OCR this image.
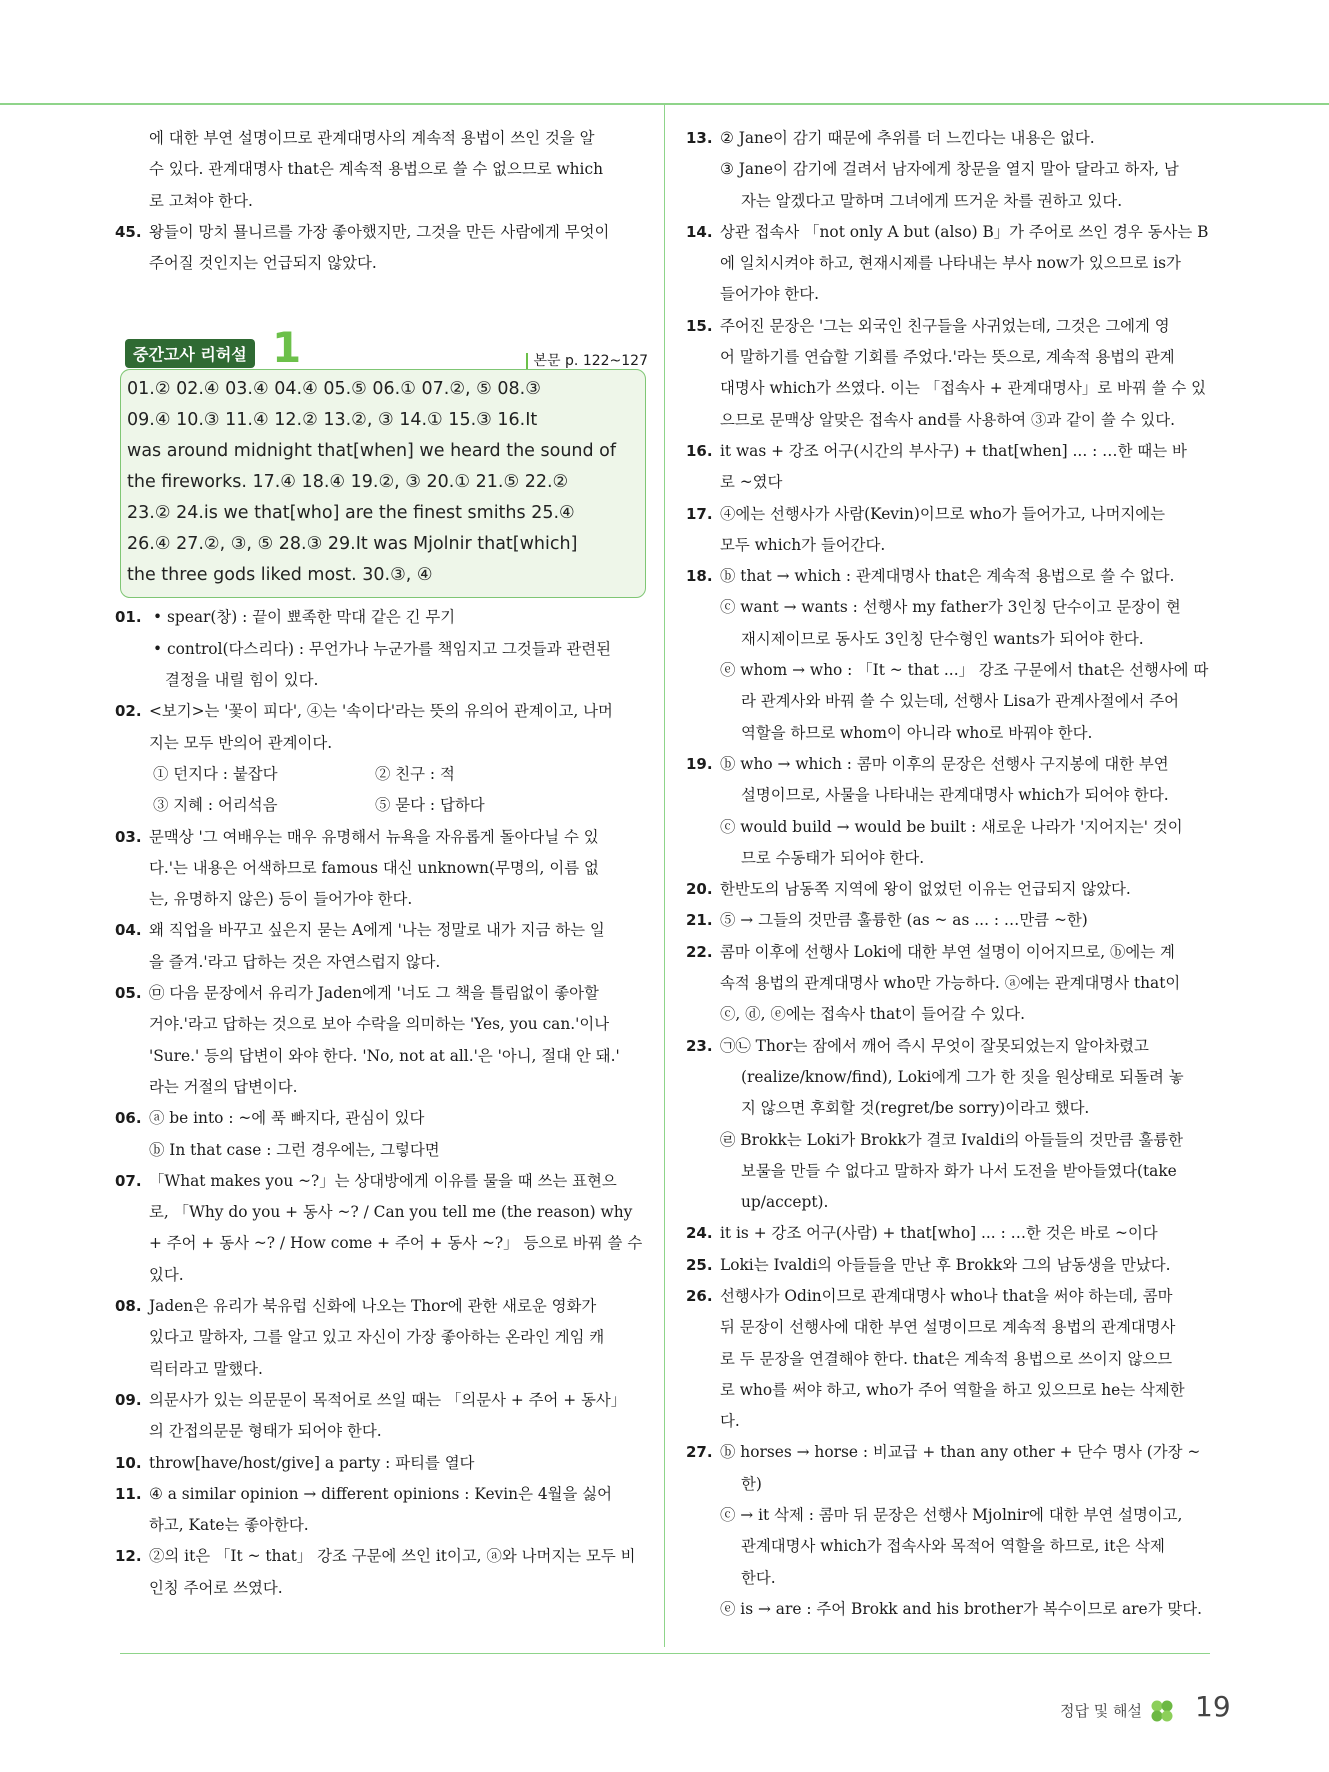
에 대한 부연 설명이므로 관계대명사의 계속적 용법이 쓰인 것을 알
수 있다. 관계대명사 that은 계속적 용법으로 쓸 수 없으므로 which
로 고쳐야 한다.
45. 왕들이 망치 묠니르를 가장 좋아했지만, 그것을 만든 사람에게 무엇이
주어질 것인지는 언급되지 않았다.
중간고사 리허설 1	본문 p. 122~127
01.② 02.④ 03.④ 04.④ 05.⑤ 06.① 07.②, ⑤ 08.③
09.④ 10.③ 11.④ 12.② 13.②, ③ 14.① 15.③ 16.It
was around midnight that[when] we heard the sound of
the fireworks. 17.④ 18.④ 19.②, ③ 20.① 21.⑤ 22.②
23.② 24.is we that[who] are the finest smiths 25.④
26.④ 27.②, ③, ⑤ 28.③ 29.It was Mjolnir that[which]
the three gods liked most. 30.③, ④
01. • spear(창) : 끝이 뾰족한 막대 같은 긴 무기
• control(다스리다) : 무언가나 누군가를 책임지고 그것들과 관련된
결정을 내릴 힘이 있다.
02. <보기>는 '꽃이 피다', ④는 '속이다'라는 뜻의 유의어 관계이고, 나머
지는 모두 반의어 관계이다.
① 던지다 : 붙잡다	② 친구 : 적
③ 지혜 : 어리석음	⑤ 묻다 : 답하다
03. 문맥상 '그 여배우는 매우 유명해서 뉴욕을 자유롭게 돌아다닐 수 있
다.'는 내용은 어색하므로 famous 대신 unknown(무명의, 이름 없
는, 유명하지 않은) 등이 들어가야 한다.
04. 왜 직업을 바꾸고 싶은지 묻는 A에게 '나는 정말로 내가 지금 하는 일
을 즐겨.'라고 답하는 것은 자연스럽지 않다.
05. ㉤ 다음 문장에서 유리가 Jaden에게 '너도 그 책을 틀림없이 좋아할
거야.'라고 답하는 것으로 보아 수락을 의미하는 'Yes, you can.'이나
'Sure.' 등의 답변이 와야 한다. 'No, not at all.'은 '아니, 절대 안 돼.'
라는 거절의 답변이다.
06. ⓐ be into : ~에 푹 빠지다, 관심이 있다
ⓑ In that case : 그런 경우에는, 그렇다면
07. 「What makes you ~?」는 상대방에게 이유를 물을 때 쓰는 표현으
로, 「Why do you + 동사 ~? / Can you tell me (the reason) why
+ 주어 + 동사 ~? / How come + 주어 + 동사 ~?」 등으로 바꿔 쓸 수
있다.
08. Jaden은 유리가 북유럽 신화에 나오는 Thor에 관한 새로운 영화가
있다고 말하자, 그를 알고 있고 자신이 가장 좋아하는 온라인 게임 캐
릭터라고 말했다.
09. 의문사가 있는 의문문이 목적어로 쓰일 때는 「의문사 + 주어 + 동사」
의 간접의문문 형태가 되어야 한다.
10. throw[have/host/give] a party : 파티를 열다
11. ④ a similar opinion → different opinions : Kevin은 4월을 싫어
하고, Kate는 좋아한다.
12. ②의 it은 「It ~ that」 강조 구문에 쓰인 it이고, ⓐ와 나머지는 모두 비
인칭 주어로 쓰였다.
13. ② Jane이 감기 때문에 추위를 더 느낀다는 내용은 없다.
③ Jane이 감기에 걸려서 남자에게 창문을 열지 말아 달라고 하자, 남
자는 알겠다고 말하며 그녀에게 뜨거운 차를 권하고 있다.
14. 상관 접속사 「not only A but (also) B」가 주어로 쓰인 경우 동사는 B
에 일치시켜야 하고, 현재시제를 나타내는 부사 now가 있으므로 is가
들어가야 한다.
15. 주어진 문장은 '그는 외국인 친구들을 사귀었는데, 그것은 그에게 영
어 말하기를 연습할 기회를 주었다.'라는 뜻으로, 계속적 용법의 관계
대명사 which가 쓰였다. 이는 「접속사 + 관계대명사」로 바꿔 쓸 수 있
으므로 문맥상 알맞은 접속사 and를 사용하여 ③과 같이 쓸 수 있다.
16. it was + 강조 어구(시간의 부사구) + that[when] ... : …한 때는 바
로 ~였다
17. ④에는 선행사가 사람(Kevin)이므로 who가 들어가고, 나머지에는
모두 which가 들어간다.
18. ⓑ that → which : 관계대명사 that은 계속적 용법으로 쓸 수 없다.
ⓒ want → wants : 선행사 my father가 3인칭 단수이고 문장이 현
재시제이므로 동사도 3인칭 단수형인 wants가 되어야 한다.
ⓔ whom → who : 「It ~ that ...」 강조 구문에서 that은 선행사에 따
라 관계사와 바꿔 쓸 수 있는데, 선행사 Lisa가 관계사절에서 주어
역할을 하므로 whom이 아니라 who로 바꿔야 한다.
19. ⓑ who → which : 콤마 이후의 문장은 선행사 구지봉에 대한 부연
설명이므로, 사물을 나타내는 관계대명사 which가 되어야 한다.
ⓒ would build → would be built : 새로운 나라가 '지어지는' 것이
므로 수동태가 되어야 한다.
20. 한반도의 남동쪽 지역에 왕이 없었던 이유는 언급되지 않았다.
21. ⑤ → 그들의 것만큼 훌륭한 (as ~ as ... : …만큼 ~한)
22. 콤마 이후에 선행사 Loki에 대한 부연 설명이 이어지므로, ⓑ에는 계
속적 용법의 관계대명사 who만 가능하다. ⓐ에는 관계대명사 that이
ⓒ, ⓓ, ⓔ에는 접속사 that이 들어갈 수 있다.
23. ㉠㉡ Thor는 잠에서 깨어 즉시 무엇이 잘못되었는지 알아차렸고
(realize/know/find), Loki에게 그가 한 짓을 원상태로 되돌려 놓
지 않으면 후회할 것(regret/be sorry)이라고 했다.
㉣ Brokk는 Loki가 Brokk가 결코 Ivaldi의 아들들의 것만큼 훌륭한
보물을 만들 수 없다고 말하자 화가 나서 도전을 받아들였다(take
up/accept).
24. it is + 강조 어구(사람) + that[who] ... : …한 것은 바로 ~이다
25. Loki는 Ivaldi의 아들들을 만난 후 Brokk와 그의 남동생을 만났다.
26. 선행사가 Odin이므로 관계대명사 who나 that을 써야 하는데, 콤마
뒤 문장이 선행사에 대한 부연 설명이므로 계속적 용법의 관계대명사
로 두 문장을 연결해야 한다. that은 계속적 용법으로 쓰이지 않으므
로 who를 써야 하고, who가 주어 역할을 하고 있으므로 he는 삭제한
다.
27. ⓑ horses → horse : 비교급 + than any other + 단수 명사 (가장 ~
한)
ⓒ → it 삭제 : 콤마 뒤 문장은 선행사 Mjolnir에 대한 부연 설명이고,
관계대명사 which가 접속사와 목적어 역할을 하므로, it은 삭제
한다.
ⓔ is → are : 주어 Brokk and his brother가 복수이므로 are가 맞다.
정답 및 해설 19
